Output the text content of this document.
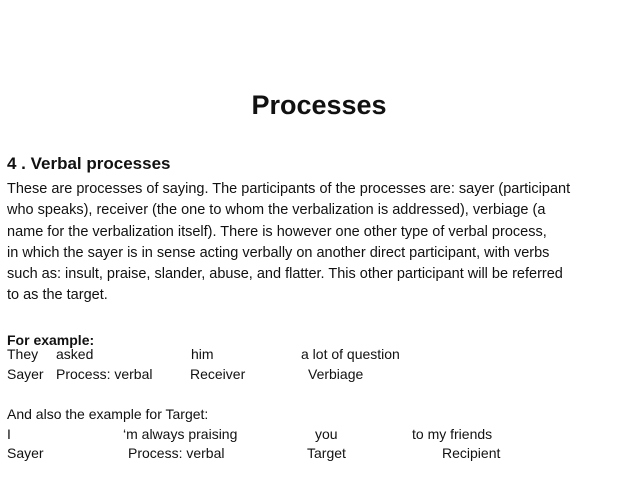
Processes
4 . Verbal processes
These are processes of saying. The participants of the processes are: sayer (participant
who speaks), receiver (the one to whom the verbalization is addressed), verbiage (a
name for the verbalization itself). There is however one other type of verbal process,
in which the sayer is in sense acting verbally on another direct participant, with verbs
such as: insult, praise, slander, abuse, and flatter. This other participant will be referred
to as the target.
For example:
They asked	him	a lot of question
Sayer Process: verbal	Receiver	Verbiage
And also the example for Target:
I	‘m always praising	you	to my friends
Sayer	Process: verbal	Target	Recipient
